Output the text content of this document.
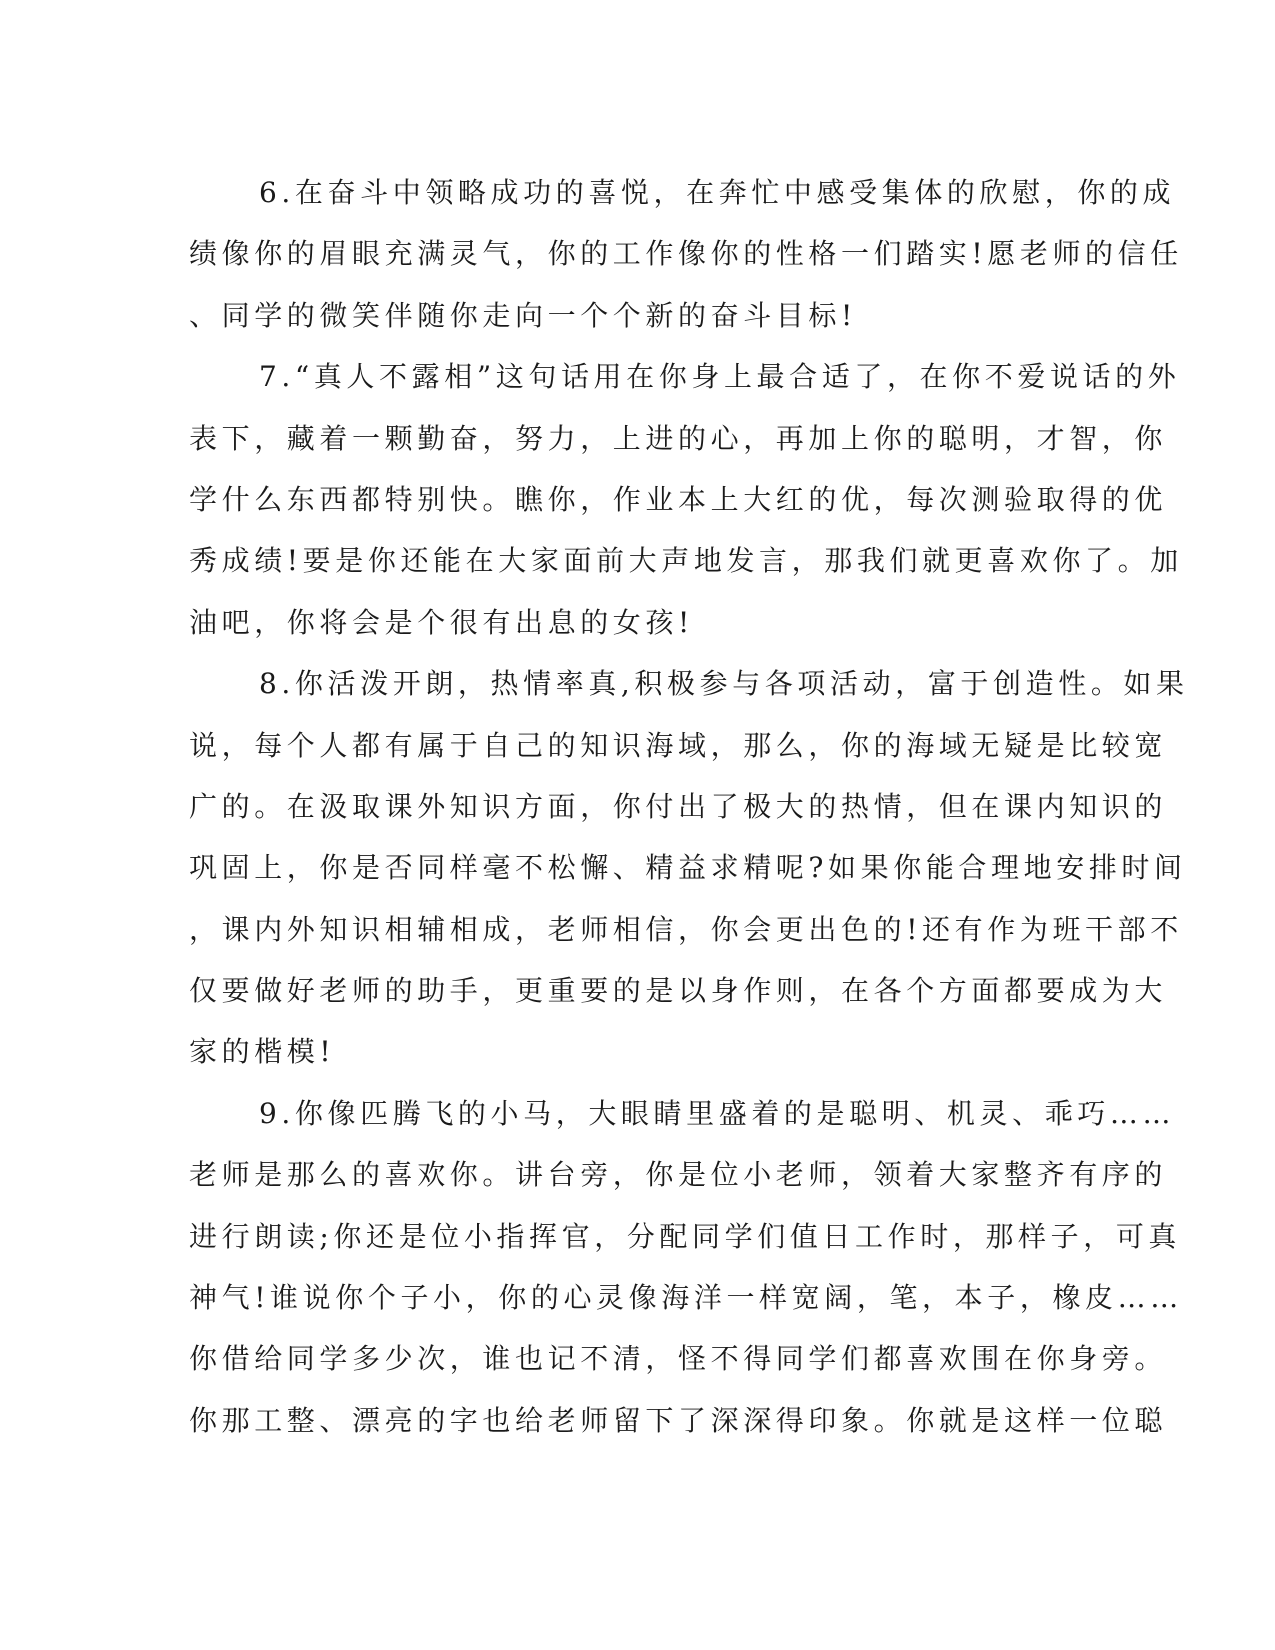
6.在奋斗中领略成功的喜悦，在奔忙中感受集体的欣慰，你的成
绩像你的眉眼充满灵气，你的工作像你的性格一们踏实!愿老师的信任
、同学的微笑伴随你走向一个个新的奋斗目标!
7.“真人不露相”这句话用在你身上最合适了，在你不爱说话的外
表下，藏着一颗勤奋，努力，上进的心，再加上你的聪明，才智，你
学什么东西都特别快。瞧你，作业本上大红的优，每次测验取得的优
秀成绩!要是你还能在大家面前大声地发言，那我们就更喜欢你了。加
油吧，你将会是个很有出息的女孩!
8.你活泼开朗，热情率真,积极参与各项活动，富于创造性。如果
说，每个人都有属于自己的知识海域，那么，你的海域无疑是比较宽
广的。在汲取课外知识方面，你付出了极大的热情，但在课内知识的
巩固上，你是否同样毫不松懈、精益求精呢?如果你能合理地安排时间
，课内外知识相辅相成，老师相信，你会更出色的!还有作为班干部不
仅要做好老师的助手，更重要的是以身作则，在各个方面都要成为大
家的楷模!
9.你像匹腾飞的小马，大眼睛里盛着的是聪明、机灵、乖巧……
老师是那么的喜欢你。讲台旁，你是位小老师，领着大家整齐有序的
进行朗读;你还是位小指挥官，分配同学们值日工作时，那样子，可真
神气!谁说你个子小，你的心灵像海洋一样宽阔，笔，本子，橡皮……
你借给同学多少次，谁也记不清，怪不得同学们都喜欢围在你身旁。
你那工整、漂亮的字也给老师留下了深深得印象。你就是这样一位聪
